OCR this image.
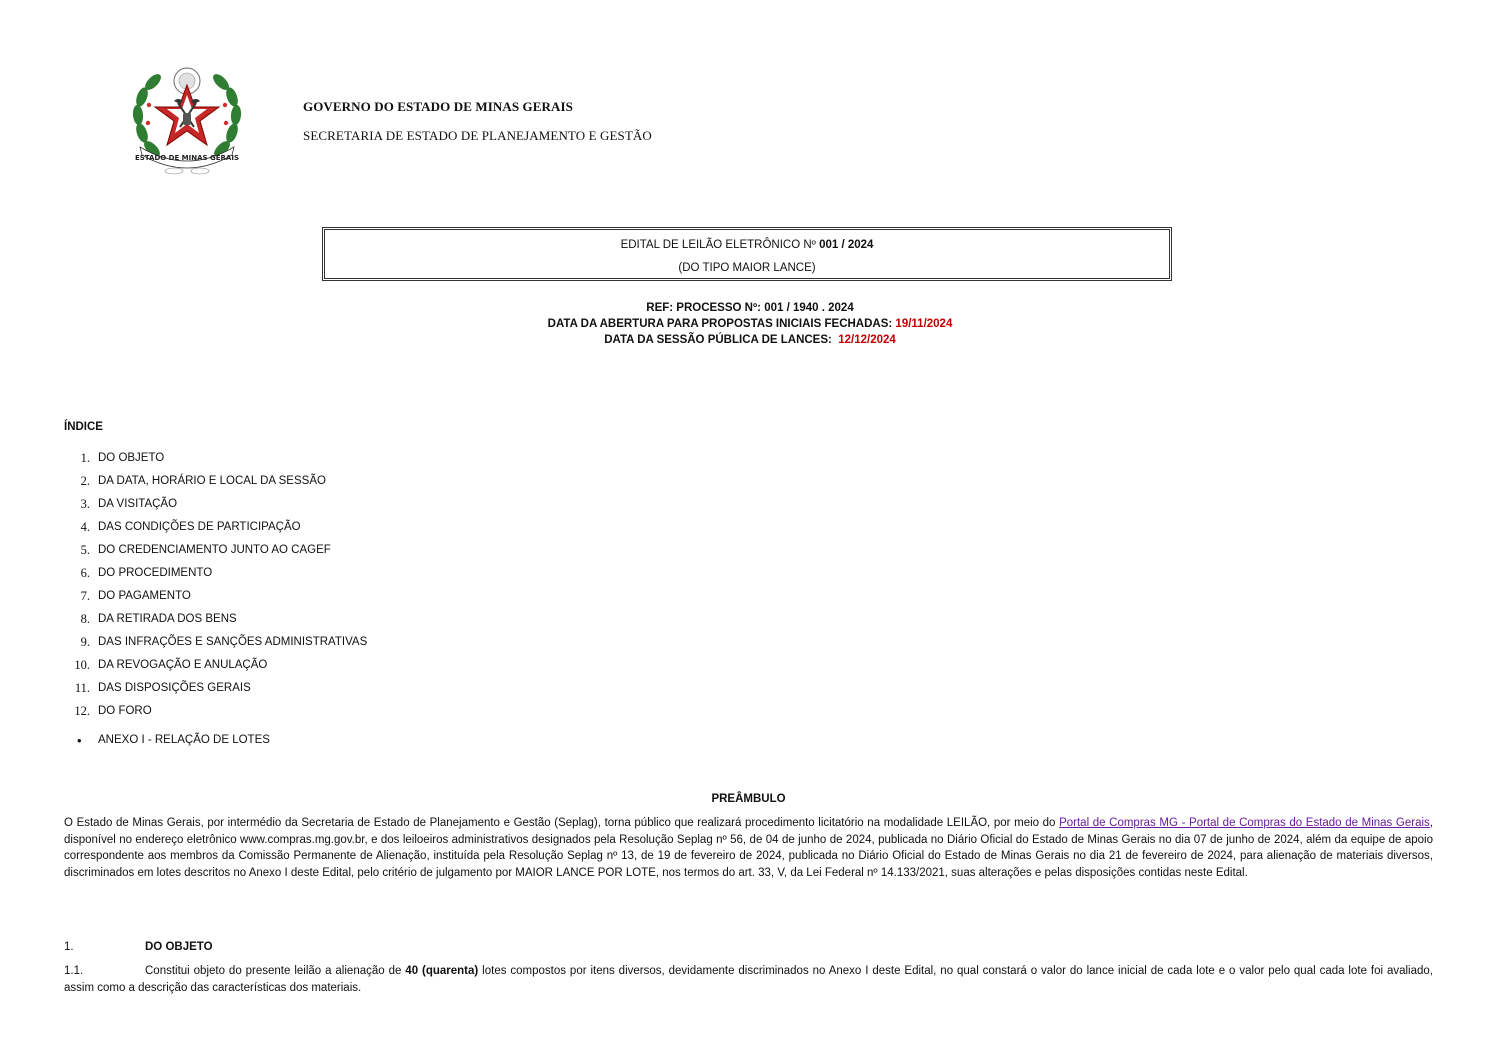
ESTADO DE MINAS GERAIS
GOVERNO DO ESTADO DE MINAS GERAIS
SECRETARIA DE ESTADO DE PLANEJAMENTO E GESTÃO
EDITAL DE LEILÃO ELETRÔNICO Nº 001 / 2024
(DO TIPO MAIOR LANCE)
REF: PROCESSO Nº: 001 / 1940 . 2024
DATA DA ABERTURA PARA PROPOSTAS INICIAIS FECHADAS: 19/11/2024
DATA DA SESSÃO PÚBLICA DE LANCES:  12/12/2024
ÍNDICE
1. DO OBJETO
2. DA DATA, HORÁRIO E LOCAL DA SESSÃO
3. DA VISITAÇÃO
4. DAS CONDIÇÕES DE PARTICIPAÇÃO
5. DO CREDENCIAMENTO JUNTO AO CAGEF
6. DO PROCEDIMENTO
7. DO PAGAMENTO
8. DA RETIRADA DOS BENS
9. DAS INFRAÇÕES E SANÇÕES ADMINISTRATIVAS
10. DA REVOGAÇÃO E ANULAÇÃO
11. DAS DISPOSIÇÕES GERAIS
12. DO FORO
• ANEXO I - RELAÇÃO DE LOTES
PREÂMBULO
O Estado de Minas Gerais, por intermédio da Secretaria de Estado de Planejamento e Gestão (Seplag), torna público que realizará procedimento licitatório na modalidade LEILÃO, por meio do Portal de Compras MG - Portal de Compras do Estado de Minas Gerais, disponível no endereço eletrônico www.compras.mg.gov.br, e dos leiloeiros administrativos designados pela Resolução Seplag nº 56, de 04 de junho de 2024, publicada no Diário Oficial do Estado de Minas Gerais no dia 07 de junho de 2024, além da equipe de apoio correspondente aos membros da Comissão Permanente de Alienação, instituída pela Resolução Seplag nº 13, de 19 de fevereiro de 2024, publicada no Diário Oficial do Estado de Minas Gerais no dia 21 de fevereiro de 2024, para alienação de materiais diversos, discriminados em lotes descritos no Anexo I deste Edital, pelo critério de julgamento por MAIOR LANCE POR LOTE, nos termos do art. 33, V, da Lei Federal nº 14.133/2021, suas alterações e pelas disposições contidas neste Edital.
1.	DO OBJETO
1.1.	Constitui objeto do presente leilão a alienação de 40 (quarenta) lotes compostos por itens diversos, devidamente discriminados no Anexo I deste Edital, no qual constará o valor do lance inicial de cada lote e o valor pelo qual cada lote foi avaliado, assim como a descrição das características dos materiais.
